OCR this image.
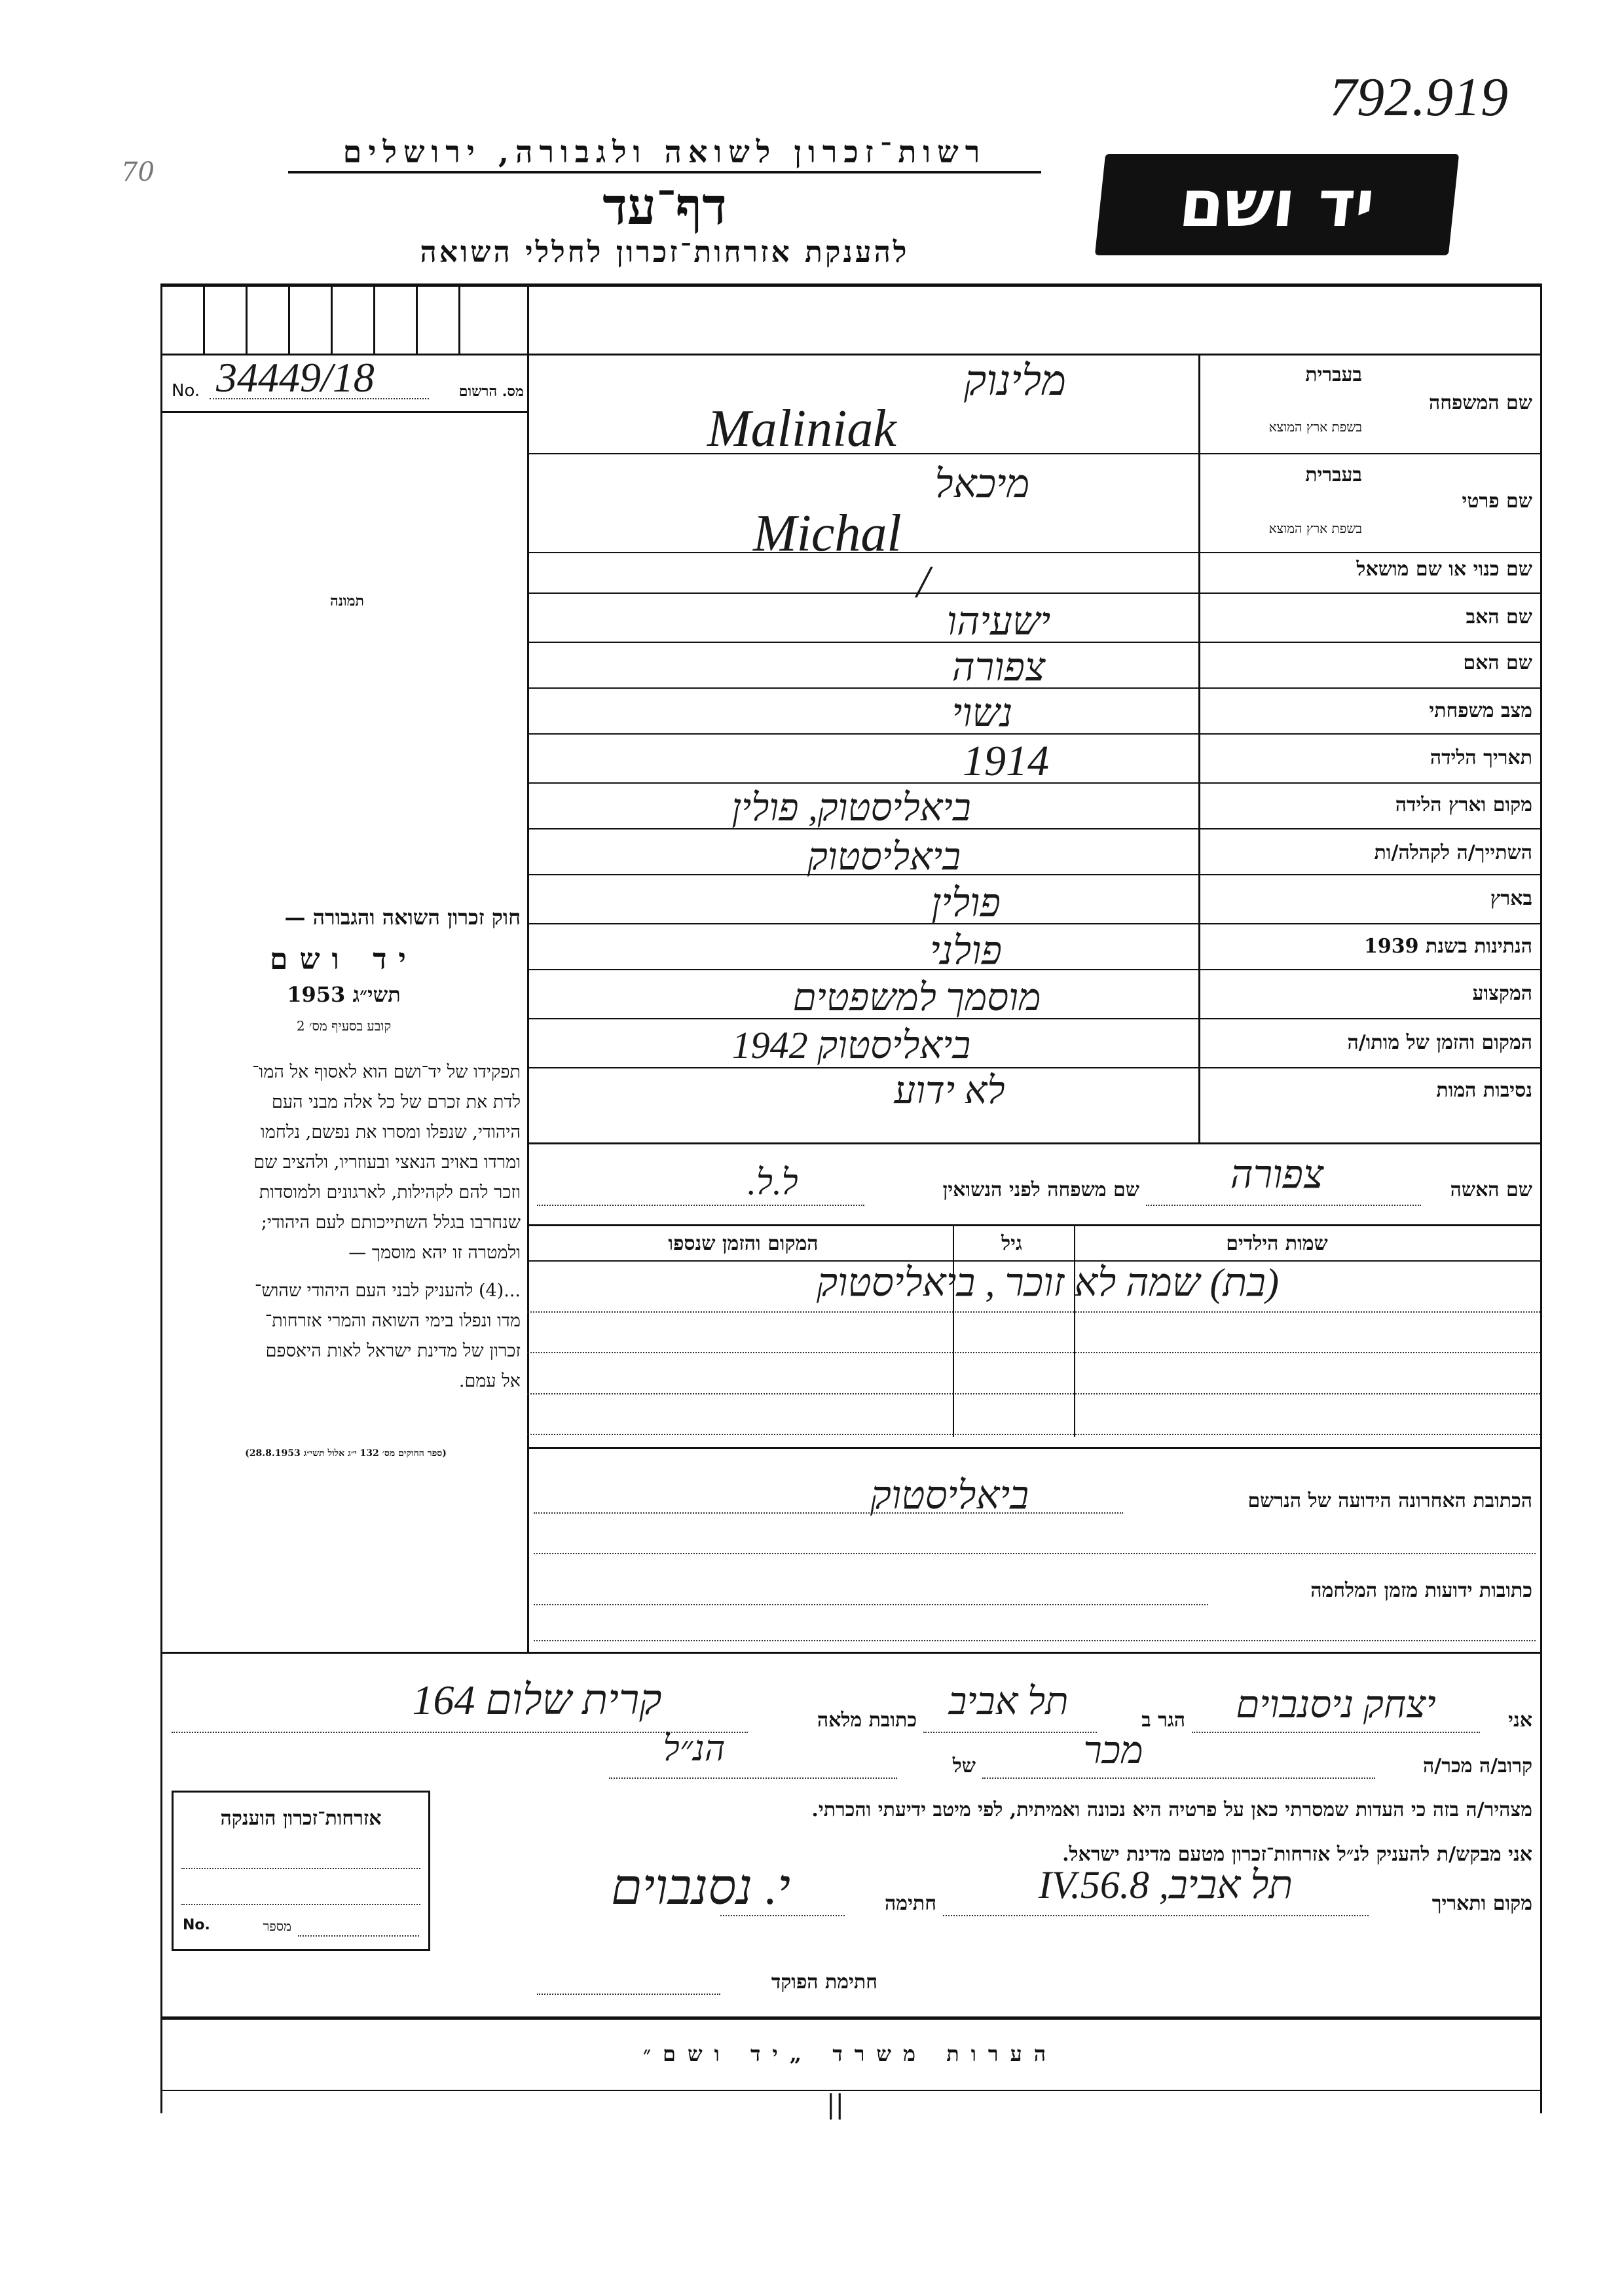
792.919
70
רשות־זכרון לשואה ולגבורה, ירושלים
דף־עד
להענקת אזרחות־זכרון לחללי השואה
יד ושם
No. 34449/18	מס. הרשום
תמונה
חוק זכרון השואה והגבורה —
יד ושם
תשי״ג 1953
קובע בסעיף מס׳ 2
תפקידו של יד־ושם הוא לאסוף אל המו־
לדת את זכרם של כל אלה מבני העם
היהודי, שנפלו ומסרו את נפשם, נלחמו
ומרדו באויב הנאצי ובעוזריו, ולהציב שם
וזכר להם לקהילות, לארגונים ולמוסדות
שנחרבו בגלל השתייכותם לעם היהודי;
ולמטרה זו יהא מוסמך —
...(4) להעניק לבני העם היהודי שהוש־
מדו ונפלו בימי השואה והמרי אזרחות־
זכרון של מדינת ישראל לאות היאספם
אל עמם.
(ספר החוקים מס׳ 132 י״ג אלול תשי״ג 28.8.1953)
שם המשפחה
בעברית
בשפת ארץ המוצא
מלינוק
Maliniak
שם פרטי
בעברית
בשפת ארץ המוצא
מיכאל
Michal
שם כנוי או שם מושאל
/
שם האב
ישעיהו
שם האם
צפורה
מצב משפחתי
נשוי
תאריך הלידה
1914
מקום וארץ הלידה
ביאליסטוק, פולין
השתייך/ה לקהלה/ות
ביאליסטוק
בארץ
פולין
הנתינות בשנת 1939
פולני
המקצוע
מוסמך למשפטים
המקום והזמן של מותו/ה
ביאליסטוק 1942
נסיבות המות
לא ידוע
שם האשה
צפורה
שם משפחה לפני הנשואין
ל.ל.
שמות הילדים
גיל
המקום והזמן שנספו
(בת) שמה לא זוכר , ביאליסטוק
הכתובת האחרונה הידועה של הנרשם
ביאליסטוק
כתובות ידועות מזמן המלחמה
אני
יצחק ניסנבוים
הגר ב
תל אביב
כתובת מלאה
קרית שלום 164
קרוב/ה מכר/ה
מכר
של
הנ״ל
מצהיר/ה בזה כי העדות שמסרתי כאן על פרטיה היא נכונה ואמיתית, לפי מיטב ידיעתי והכרתי.
אני מבקש/ת להעניק לנ״ל אזרחות־זכרון מטעם מדינת ישראל.
מקום ותאריך
תל אביב, 8.IV.56
חתימה
י. נסנבוים
חתימת הפוקד
אזרחות־זכרון הוענקה
No.	מספר
הערות משרד „יד ושם״
||
